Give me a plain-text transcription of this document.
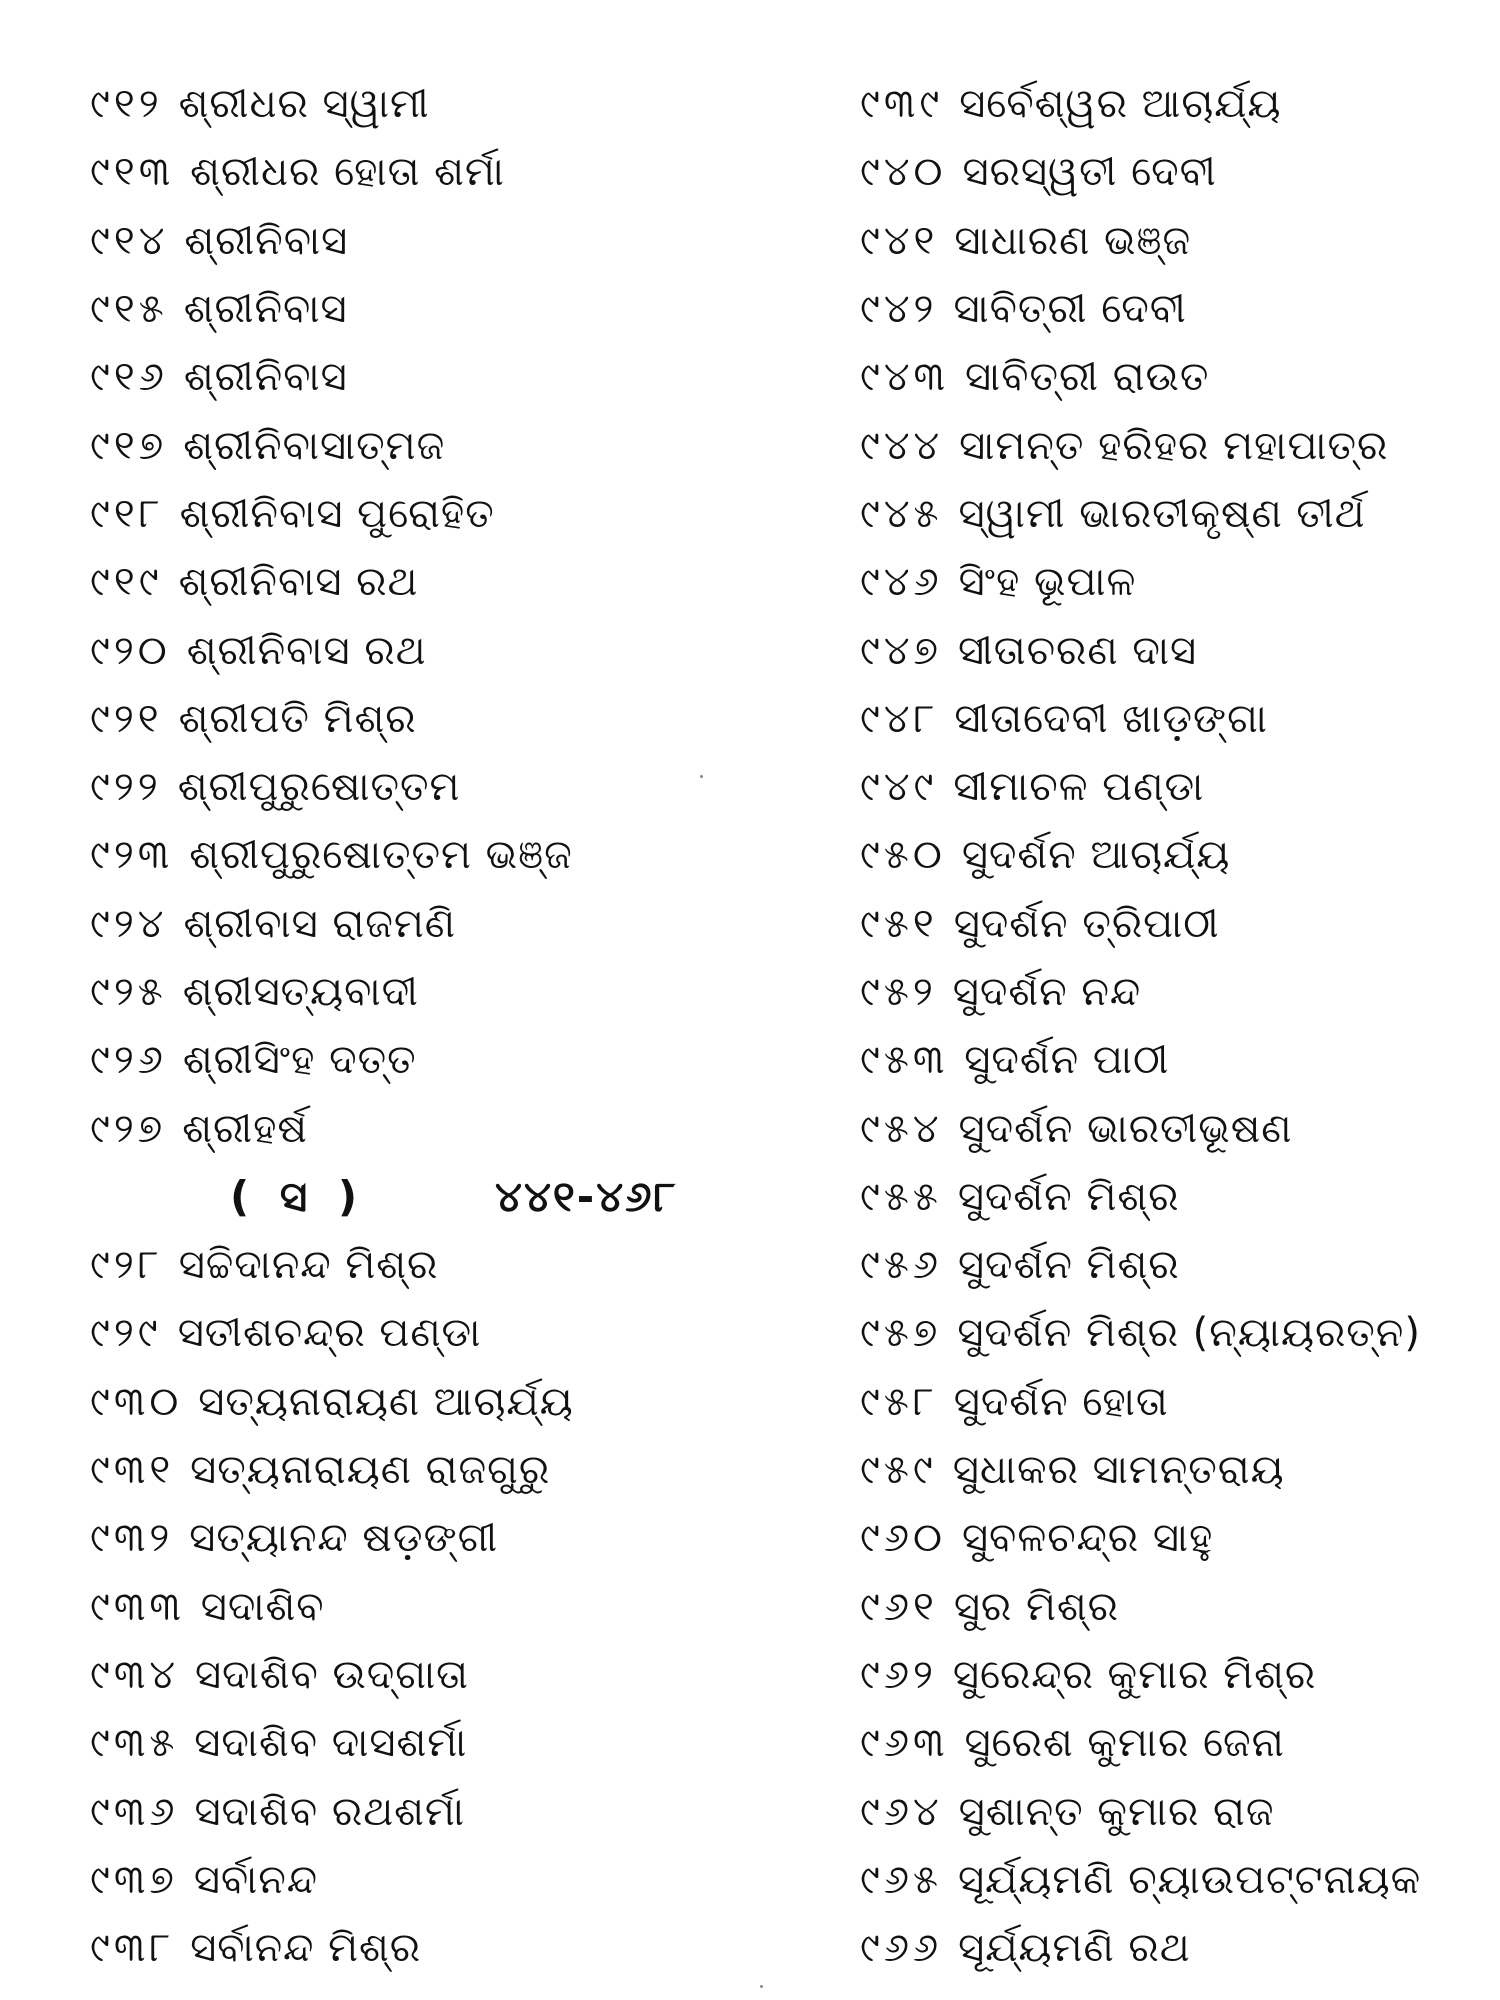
୯୧୨ ଶ୍ରୀଧର ସ୍ୱାମୀ
୯୧୩ ଶ୍ରୀଧର ହୋତା ଶର୍ମା
୯୧୪ ଶ୍ରୀନିବାସ
୯୧୫ ଶ୍ରୀନିବାସ
୯୧୬ ଶ୍ରୀନିବାସ
୯୧୭ ଶ୍ରୀନିବାସାତ୍ମଜ
୯୧୮ ଶ୍ରୀନିବାସ ପୁରୋହିତ
୯୧୯ ଶ୍ରୀନିବାସ ରଥ
୯୨୦ ଶ୍ରୀନିବାସ ରଥ
୯୨୧ ଶ୍ରୀପତି ମିଶ୍ର
୯୨୨ ଶ୍ରୀପୁରୁଷୋତ୍ତମ
୯୨୩ ଶ୍ରୀପୁରୁଷୋତ୍ତମ ଭଞ୍ଜ
୯୨୪ ଶ୍ରୀବାସ ରାଜମଣି
୯୨୫ ଶ୍ରୀସତ୍ୟବାଦୀ
୯୨୬ ଶ୍ରୀସିଂହ ଦତ୍ତ
୯୨୭ ଶ୍ରୀହର୍ଷ
( ସ )	୪୪୧-୪୬୮
୯୨୮ ସଚ୍ଚିଦାନନ୍ଦ ମିଶ୍ର
୯୨୯ ସତୀଶଚନ୍ଦ୍ର ପଣ୍ଡା
୯୩୦ ସତ୍ୟନାରାୟଣ ଆଚାର୍ଯ୍ୟ
୯୩୧ ସତ୍ୟନାରାୟଣ ରାଜଗୁରୁ
୯୩୨ ସତ୍ୟାନନ୍ଦ ଷଡ଼ଙ୍ଗୀ
୯୩୩ ସଦାଶିବ
୯୩୪ ସଦାଶିବ ଉଦ୍‌ଗାତା
୯୩୫ ସଦାଶିବ ଦାସଶର୍ମା
୯୩୬ ସଦାଶିବ ରଥଶର୍ମା
୯୩୭ ସର୍ବାନନ୍ଦ
୯୩୮ ସର୍ବାନନ୍ଦ ମିଶ୍ର
୯୩୯ ସର୍ବେଶ୍ୱର ଆଚାର୍ଯ୍ୟ
୯୪୦ ସରସ୍ୱତୀ ଦେବୀ
୯୪୧ ସାଧାରଣ ଭଞ୍ଜ
୯୪୨ ସାବିତ୍ରୀ ଦେବୀ
୯୪୩ ସାବିତ୍ରୀ ରାଉତ
୯୪୪ ସାମନ୍ତ ହରିହର ମହାପାତ୍ର
୯୪୫ ସ୍ୱାମୀ ଭାରତୀକୃଷ୍ଣ ତୀର୍ଥ
୯୪୬ ସିଂହ ଭୂପାଳ
୯୪୭ ସୀତାଚରଣ ଦାସ
୯୪୮ ସୀତାଦେବୀ ଖାଡ଼ଙ୍ଗା
୯୪୯ ସୀମାଚଳ ପଣ୍ଡା
୯୫୦ ସୁଦର୍ଶନ ଆଚାର୍ଯ୍ୟ
୯୫୧ ସୁଦର୍ଶନ ତ୍ରିପାଠୀ
୯୫୨ ସୁଦର୍ଶନ ନନ୍ଦ
୯୫୩ ସୁଦର୍ଶନ ପାଠୀ
୯୫୪ ସୁଦର୍ଶନ ଭାରତୀଭୂଷଣ
୯୫୫ ସୁଦର୍ଶନ ମିଶ୍ର
୯୫୬ ସୁଦର୍ଶନ ମିଶ୍ର
୯୫୭ ସୁଦର୍ଶନ ମିଶ୍ର (ନ୍ୟାୟରତ୍ନ)
୯୫୮ ସୁଦର୍ଶନ ହୋତା
୯୫୯ ସୁଧାକର ସାମନ୍ତରାୟ
୯୬୦ ସୁବଳଚନ୍ଦ୍ର ସାହୁ
୯୬୧ ସୁର ମିଶ୍ର
୯୬୨ ସୁରେନ୍ଦ୍ର କୁମାର ମିଶ୍ର
୯୬୩ ସୁରେଶ କୁମାର ଜେନା
୯୬୪ ସୁଶାନ୍ତ କୁମାର ରାଜ
୯୬୫ ସୂର୍ଯ୍ୟମଣି ଚ୍ୟାଉପଟ୍ଟନାୟକ
୯୬୬ ସୂର୍ଯ୍ୟମଣି ରଥ
